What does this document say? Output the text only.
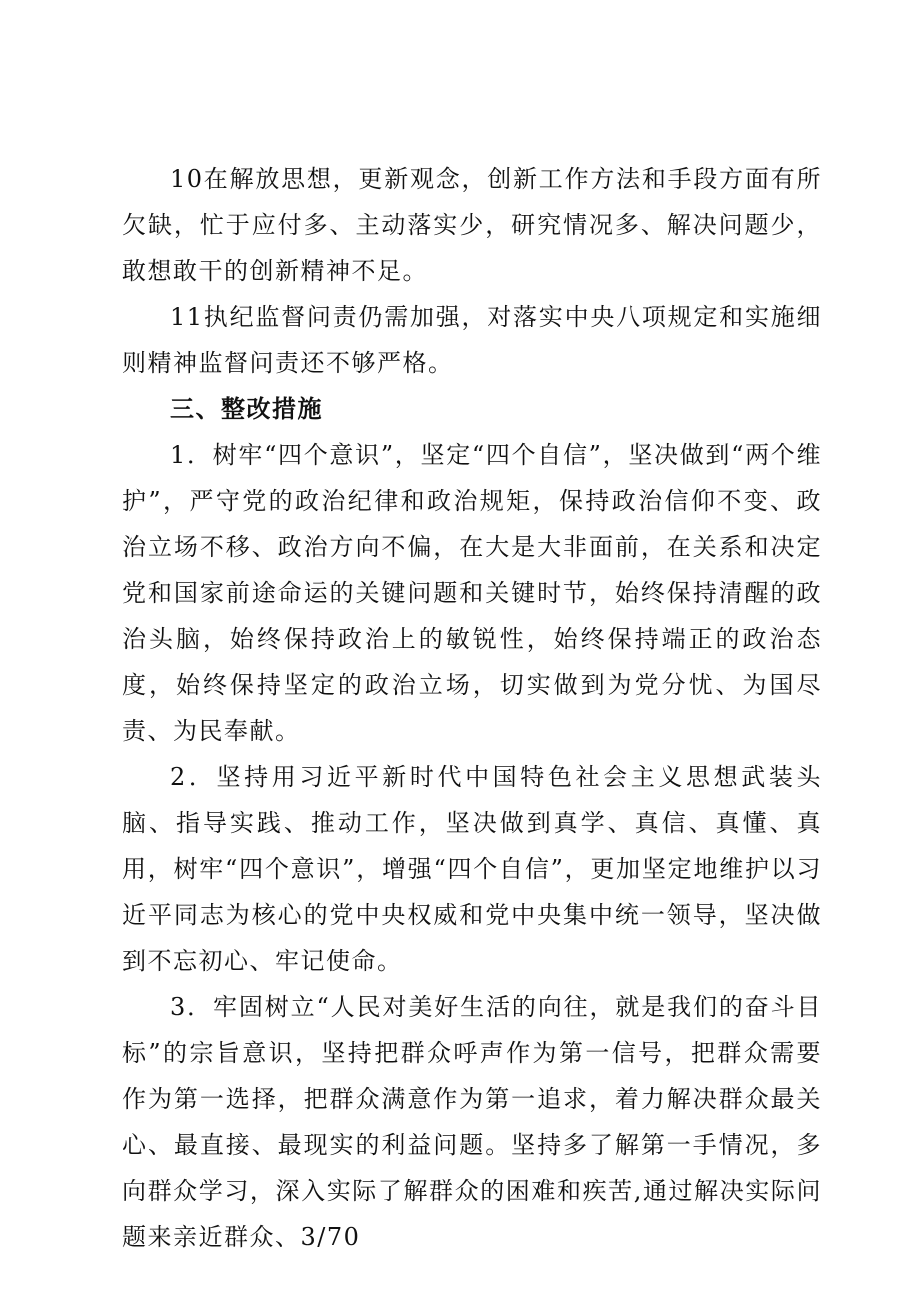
10在解放思想，更新观念，创新工作方法和手段方面有所欠缺，忙于应付多、主动落实少，研究情况多、解决问题少，敢想敢干的创新精神不足。

11执纪监督问责仍需加强，对落实中央八项规定和实施细则精神监督问责还不够严格。

三、整改措施

1．树牢“四个意识”，坚定“四个自信”，坚决做到“两个维护”，严守党的政治纪律和政治规矩，保持政治信仰不变、政治立场不移、政治方向不偏，在大是大非面前，在关系和决定党和国家前途命运的关键问题和关键时节，始终保持清醒的政治头脑，始终保持政治上的敏锐性，始终保持端正的政治态度，始终保持坚定的政治立场，切实做到为党分忧、为国尽责、为民奉献。

2．坚持用习近平新时代中国特色社会主义思想武装头脑、指导实践、推动工作，坚决做到真学、真信、真懂、真用，树牢“四个意识”，增强“四个自信”，更加坚定地维护以习近平同志为核心的党中央权威和党中央集中统一领导，坚决做到不忘初心、牢记使命。

3．牢固树立“人民对美好生活的向往，就是我们的奋斗目标”的宗旨意识，坚持把群众呼声作为第一信号，把群众需要作为第一选择，把群众满意作为第一追求，着力解决群众最关心、最直接、最现实的利益问题。坚持多了解第一手情况，多向群众学习，深入实际了解群众的困难和疾苦,通过解决实际问题来亲近群众、3/70
